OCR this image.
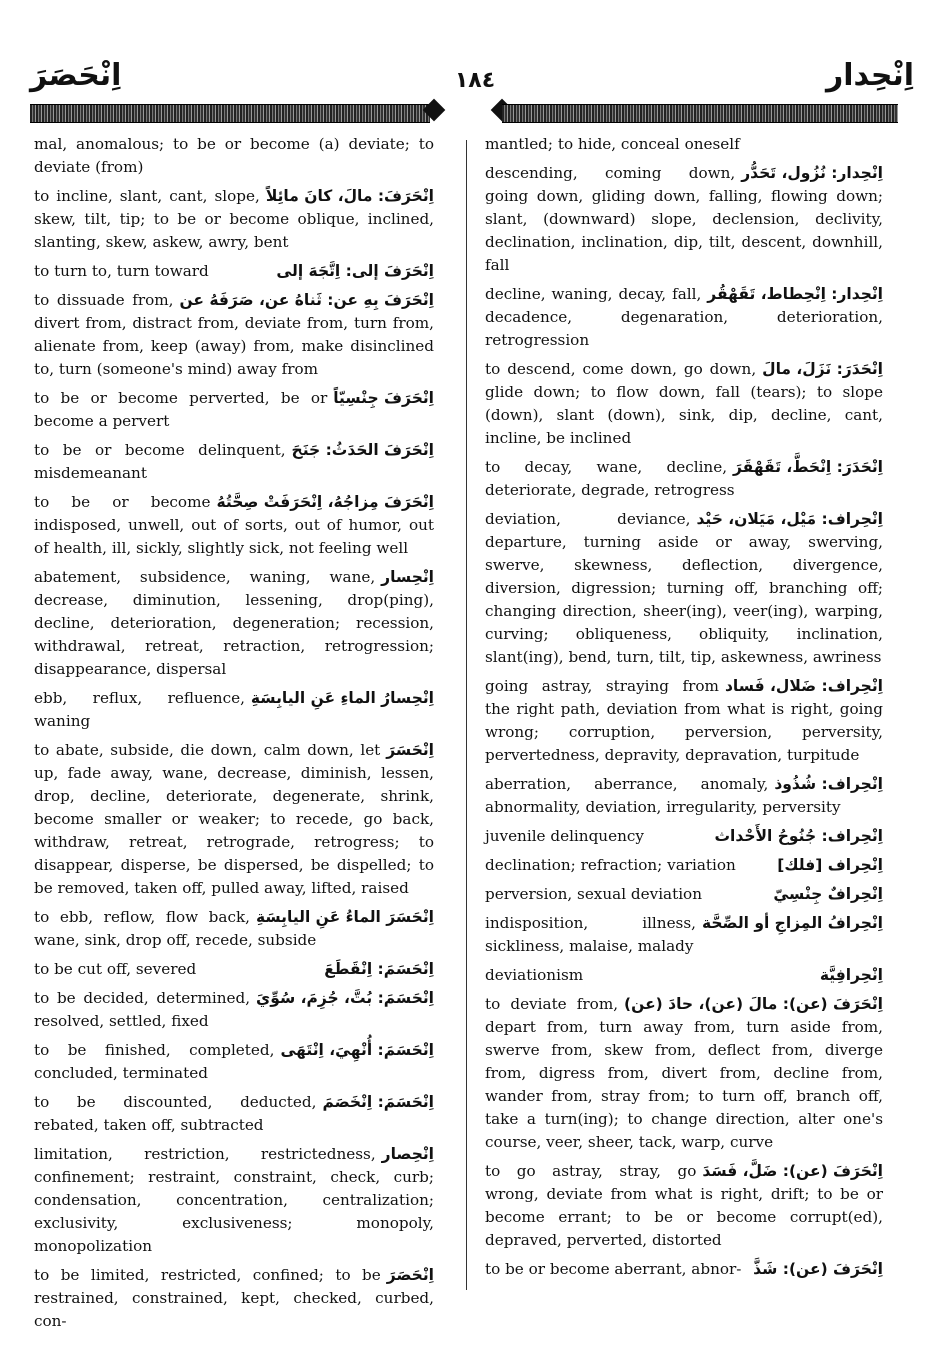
اِنْحَصَرَ	١٨٤	اِنْحِدار
mal, anomalous; to be or become (a) deviate; to deviate (from)
اِنْحَرَفَ: مالَ، كانَ مائِلاً
to incline, slant, cant, slope, skew, tilt, tip; to be or become oblique, inclined, slanting, skew, askew, awry, bent
اِنْحَرَفَ إلى: اِتَّجَهَ إلى
to turn to, turn toward
اِنْحَرَفَ بِهِ عن: ثَناهُ عن، صَرَفَهُ عن
to dissuade from, divert from, distract from, deviate from, turn from, alienate from, keep (away) from, make disinclined to, turn (someone's mind) away from
اِنْحَرَفَ جِنْسِيّاً
to be or become perverted, be or become a pervert
اِنْحَرَفَ الحَدَثُ: جَنَحَ
to be or become delinquent, misdemeanant
اِنْحَرَفَ مِزاجُهُ، اِنْحَرَفَتْ صِحَّتُهُ
to be or become indisposed, unwell, out of sorts, out of humor, out of health, ill, sickly, slightly sick, not feeling well
اِنْحِسار
abatement, subsidence, waning, wane, decrease, diminution, lessening, drop(ping), decline, deterioration, degeneration; recession, withdrawal, retreat, retraction, retrogression; disappearance, dispersal
اِنْحِسارُ الماءِ عَنِ اليابِسَةِ
ebb, reflux, refluence, waning
اِنْحَسَرَ
to abate, subside, die down, calm down, let up, fade away, wane, decrease, diminish, lessen, drop, decline, deteriorate, degenerate, shrink, become smaller or weaker; to recede, go back, withdraw, retreat, retrograde, retrogress; to disappear, disperse, be dispersed, be dispelled; to be removed, taken off, pulled away, lifted, raised
اِنْحَسَرَ الماءُ عَنِ اليابِسَةِ
to ebb, reflow, flow back, wane, sink, drop off, recede, subside
اِنْحَسَمَ: اِنْقَطَعَ
to be cut off, severed
اِنْحَسَمَ: بُتَّ، جُزِمَ، سُوِّيَ
to be decided, determined, resolved, settled, fixed
اِنْحَسَمَ: أُنْهِيَ، اِنْتَهَى
to be finished, completed, concluded, terminated
اِنْحَسَمَ: اِنْخَصَمَ
to be discounted, deducted, rebated, taken off, subtracted
اِنْحِصار
limitation, restriction, restrictedness, confinement; restraint, constraint, check, curb; condensation, concentration, centralization; exclusivity, exclusiveness; monopoly, monopolization
اِنْحَصَرَ
to be limited, restricted, confined; to be restrained, constrained, kept, checked, curbed, con-
mantled; to hide, conceal oneself
اِنْحِدار: نُزُول، تَحَدُّر
descending, coming down, going down, gliding down, falling, flowing down; slant, (downward) slope, declension, declivity, declination, inclination, dip, tilt, descent, downhill, fall
اِنْحِدار: اِنْحِطاط، تَقَهْقُر
decline, waning, decay, fall, decadence, degenaration, deterioration, retrogression
اِنْحَدَرَ: نَزَلَ، مالَ
to descend, come down, go down, glide down; to flow down, fall (tears); to slope (down), slant (down), sink, dip, decline, cant, incline, be inclined
اِنْحَدَرَ: اِنْحَطَّ، تَقَهْقَرَ
to decay, wane, decline, deteriorate, degrade, retrogress
اِنْحِراف: مَيْل، مَيَلان، حَيْد
deviation, deviance, departure, turning aside or away, swerving, swerve, skewness, deflection, divergence, diversion, digression; turning off, branching off; changing direction, sheer(ing), veer(ing), warping, curving; obliqueness, obliquity, inclination, slant(ing), bend, turn, tilt, tip, askewness, awriness
اِنْحِراف: ضَلال، فَساد
going astray, straying from the right path, deviation from what is right, going wrong; corruption, perversion, perversity, pervertedness, depravity, depravation, turpitude
اِنْحِراف: شُذُوذ
aberration, aberrance, anomaly, abnormality, deviation, irregularity, perversity
اِنْحِراف: جُنُوحُ الأَحْداث
juvenile delinquency
اِنْحِراف [فلك]
declination; refraction; variation
اِنْحِرافٌ جِنْسِيّ
perversion, sexual deviation
اِنْحِرافُ المِزاجِ أو الصِّحَّة
indisposition, illness, sickliness, malaise, malady
اِنْحِرافِيَّة
deviationism
اِنْحَرَفَ (عن): مالَ (عن)، حادَ (عن)
to deviate from, depart from, turn away from, turn aside from, swerve from, skew from, deflect from, diverge from, digress from, divert from, decline from, wander from, stray from; to turn off, branch off, take a turn(ing); to change direction, alter one's course, veer, sheer, tack, warp, curve
اِنْحَرَفَ (عن): ضَلَّ، فَسَدَ
to go astray, stray, go wrong, deviate from what is right, drift; to be or become errant; to be or become corrupt(ed), depraved, perverted, distorted
اِنْحَرَفَ (عن): شَذَّ
to be or become aberrant, abnor-
